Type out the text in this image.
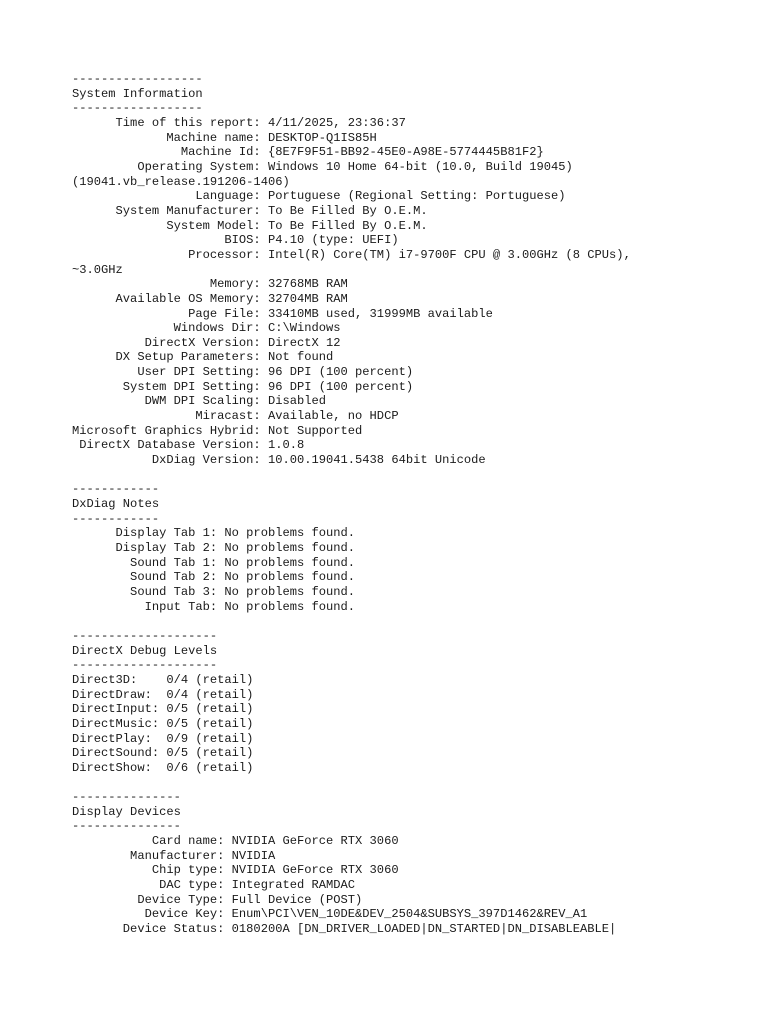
------------------
System Information
------------------
Time of this report: 4/11/2025, 23:36:37
Machine name: DESKTOP-Q1IS85H
Machine Id: {8E7F9F51-BB92-45E0-A98E-5774445B81F2}
Operating System: Windows 10 Home 64-bit (10.0, Build 19045)
(19041.vb_release.191206-1406)
Language: Portuguese (Regional Setting: Portuguese)
System Manufacturer: To Be Filled By O.E.M.
System Model: To Be Filled By O.E.M.
BIOS: P4.10 (type: UEFI)
Processor: Intel(R) Core(TM) i7-9700F CPU @ 3.00GHz (8 CPUs),
~3.0GHz
Memory: 32768MB RAM
Available OS Memory: 32704MB RAM
Page File: 33410MB used, 31999MB available
Windows Dir: C:\Windows
DirectX Version: DirectX 12
DX Setup Parameters: Not found
User DPI Setting: 96 DPI (100 percent)
System DPI Setting: 96 DPI (100 percent)
DWM DPI Scaling: Disabled
Miracast: Available, no HDCP
Microsoft Graphics Hybrid: Not Supported
DirectX Database Version: 1.0.8
DxDiag Version: 10.00.19041.5438 64bit Unicode

------------
DxDiag Notes
------------
Display Tab 1: No problems found.
Display Tab 2: No problems found.
Sound Tab 1: No problems found.
Sound Tab 2: No problems found.
Sound Tab 3: No problems found.
Input Tab: No problems found.

--------------------
DirectX Debug Levels
--------------------
Direct3D:    0/4 (retail)
DirectDraw:  0/4 (retail)
DirectInput: 0/5 (retail)
DirectMusic: 0/5 (retail)
DirectPlay:  0/9 (retail)
DirectSound: 0/5 (retail)
DirectShow:  0/6 (retail)

---------------
Display Devices
---------------
Card name: NVIDIA GeForce RTX 3060
Manufacturer: NVIDIA
Chip type: NVIDIA GeForce RTX 3060
DAC type: Integrated RAMDAC
Device Type: Full Device (POST)
Device Key: Enum\PCI\VEN_10DE&DEV_2504&SUBSYS_397D1462&REV_A1
Device Status: 0180200A [DN_DRIVER_LOADED|DN_STARTED|DN_DISABLEABLE|
